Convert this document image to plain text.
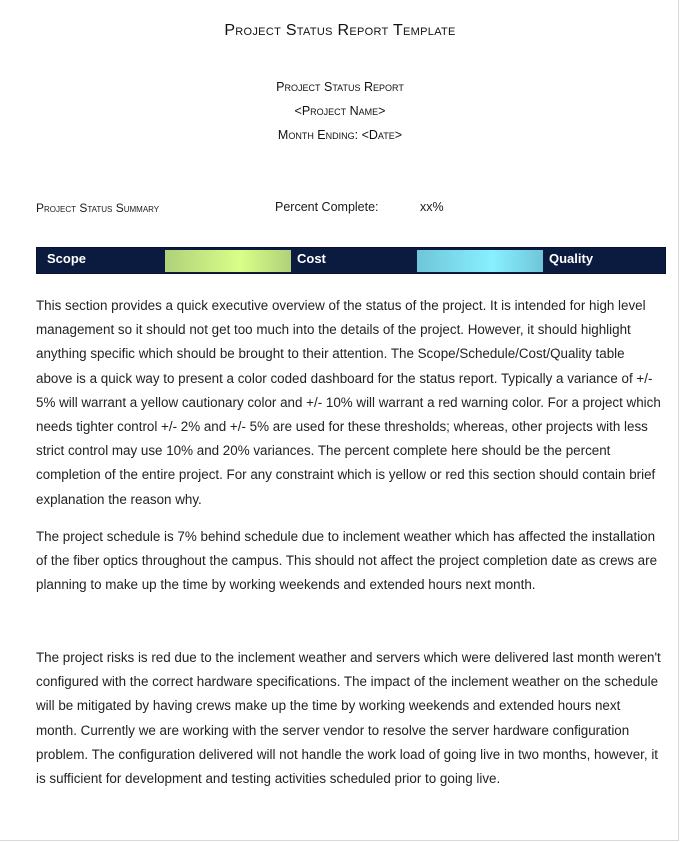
Project Status Report Template
Project Status Report
<Project Name>
Month Ending: <Date>
Project Status Summary	Percent Complete:	xx%
Scope	Cost	Quality

This section provides a quick executive overview of the status of the project. It is intended for high level management so it should not get too much into the details of the project. However, it should highlight anything specific which should be brought to their attention. The Scope/Schedule/Cost/Quality table above is a quick way to present a color coded dashboard for the status report. Typically a variance of +/- 5% will warrant a yellow cautionary color and +/- 10% will warrant a red warning color. For a project which needs tighter control +/- 2% and +/- 5% are used for these thresholds; whereas, other projects with less strict control may use 10% and 20% variances. The percent complete here should be the percent completion of the entire project. For any constraint which is yellow or red this section should contain brief explanation the reason why.

The project schedule is 7% behind schedule due to inclement weather which has affected the installation of the fiber optics throughout the campus. This should not affect the project completion date as crews are planning to make up the time by working weekends and extended hours next month.

The project risks is red due to the inclement weather and servers which were delivered last month weren't configured with the correct hardware specifications. The impact of the inclement weather on the schedule will be mitigated by having crews make up the time by working weekends and extended hours next month. Currently we are working with the server vendor to resolve the server hardware configuration problem. The configuration delivered will not handle the work load of going live in two months, however, it is sufficient for development and testing activities scheduled prior to going live.
